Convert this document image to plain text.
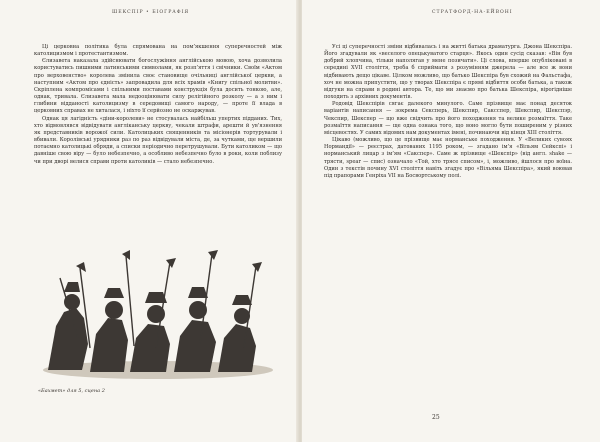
ШЕКСПІР • БІОГРАФІЯ

Ці церковна політика була спрямована на пом’якшення суперечностей між католицизмом і протестантизмом.

Єлизавета наказала здійснювати богослужіння англійською мовою, хоча дозволила користуватись пишними латинськими символами, як розп’яття і свічники. Своїм «Актом про верховенство» королева змінила своє становище очільниці англійської церкви, а наступним «Актом про єдність» запровадила для всіх храмів «Книгу спільної молитви». Скріплена компромісами і спільними поставами конструкція була досить тонкою, але, однак, тривала. Єлизавета мала недооцінювати силу релігійного розколу — а з ним і глибини відданості католицизму в середовищі самого народу, — проте її влада в церковних справах не хиталася, і ніхто її серйозно не оскаржував.

Однак ця лагідність «діни-королеви» не стосувалась найбільш упертих підданих. Тих, хто відмовлявся відвідувати англіканську церкву, чекали штрафи, арешти й ув’язнення як представників ворожої сили. Католицьких священників та місіонерів тортурували і вбивали. Королівські урядники раз по раз відвідували міста, де, за чутками, ще вершили потаємно католицькі обряди, а списки періодично перетрушували. Бути католиком — що давніше свою віру — було небезпечно, а особливо небезпечно було в роки, коли поблизу чи при дворі велися справи проти католиків — стало небезпечно.

«Бахмет» для 5, сцена 2
СТРАТФОРД-НА-ЕЙВОНІ

Усі ці суперечності зміни відбивалась і на житті батька драматурга. Джона Шекспіра. Його згадували як «веселого опецькуватого старця». Якось один сусід сказав: «Він був добрий хлопчина, тільки наполягав у мене позичати». Ці слова, вперше опубліковані в середині XVII століття, треба б сприймати з розумінням джерела — але все ж вони відбивають дещо цікаве. Цілком можливо, що батько Шекспіра був схожий на Фальстафа, хоч не можна припустити, що у творах Шекспіра є прямі відбиття особи батька, а також відгуки на справи в родині автора. Те, що ми знаємо про батька Шекспіра, вірогідніше походить з архівних документів.

Родовід Шекспірів сягає далекого минулого. Саме прізвище має понад десяток варіантів написання — зокрема Сексперь, Шекспир, Саксспер, Шекспир, Шекспэр, Чекспир, Шекспер — що вже свідчить про його походження та велике розмаїття. Таке розмаїття написання — ще одна ознака того, що воно могло бути поширеним у різних місцевостях. У самих відомих нам документах імені, починаючи від кінця XIII століття.

Цікаво (можливо, що це прізвище має норманське походження. У «Великих сувоях Нормандії» — реєстрах, датованих 1195 роком, — згадано ім’я «Вільям Сейкспі» і норманський лицар з ім’ям «Сакспєр». Саме ж прізвище «Шекспір» (від англ. shake — трясти, spear — спис) означало «Той, хто трясе списом», і, можливо, йшлося про воїна. Один з текстів почину XVI століття навіть згадує про «Вільяма Шекспіра», який воював під прапорами Генріха VII на Босвортському полі.

25
